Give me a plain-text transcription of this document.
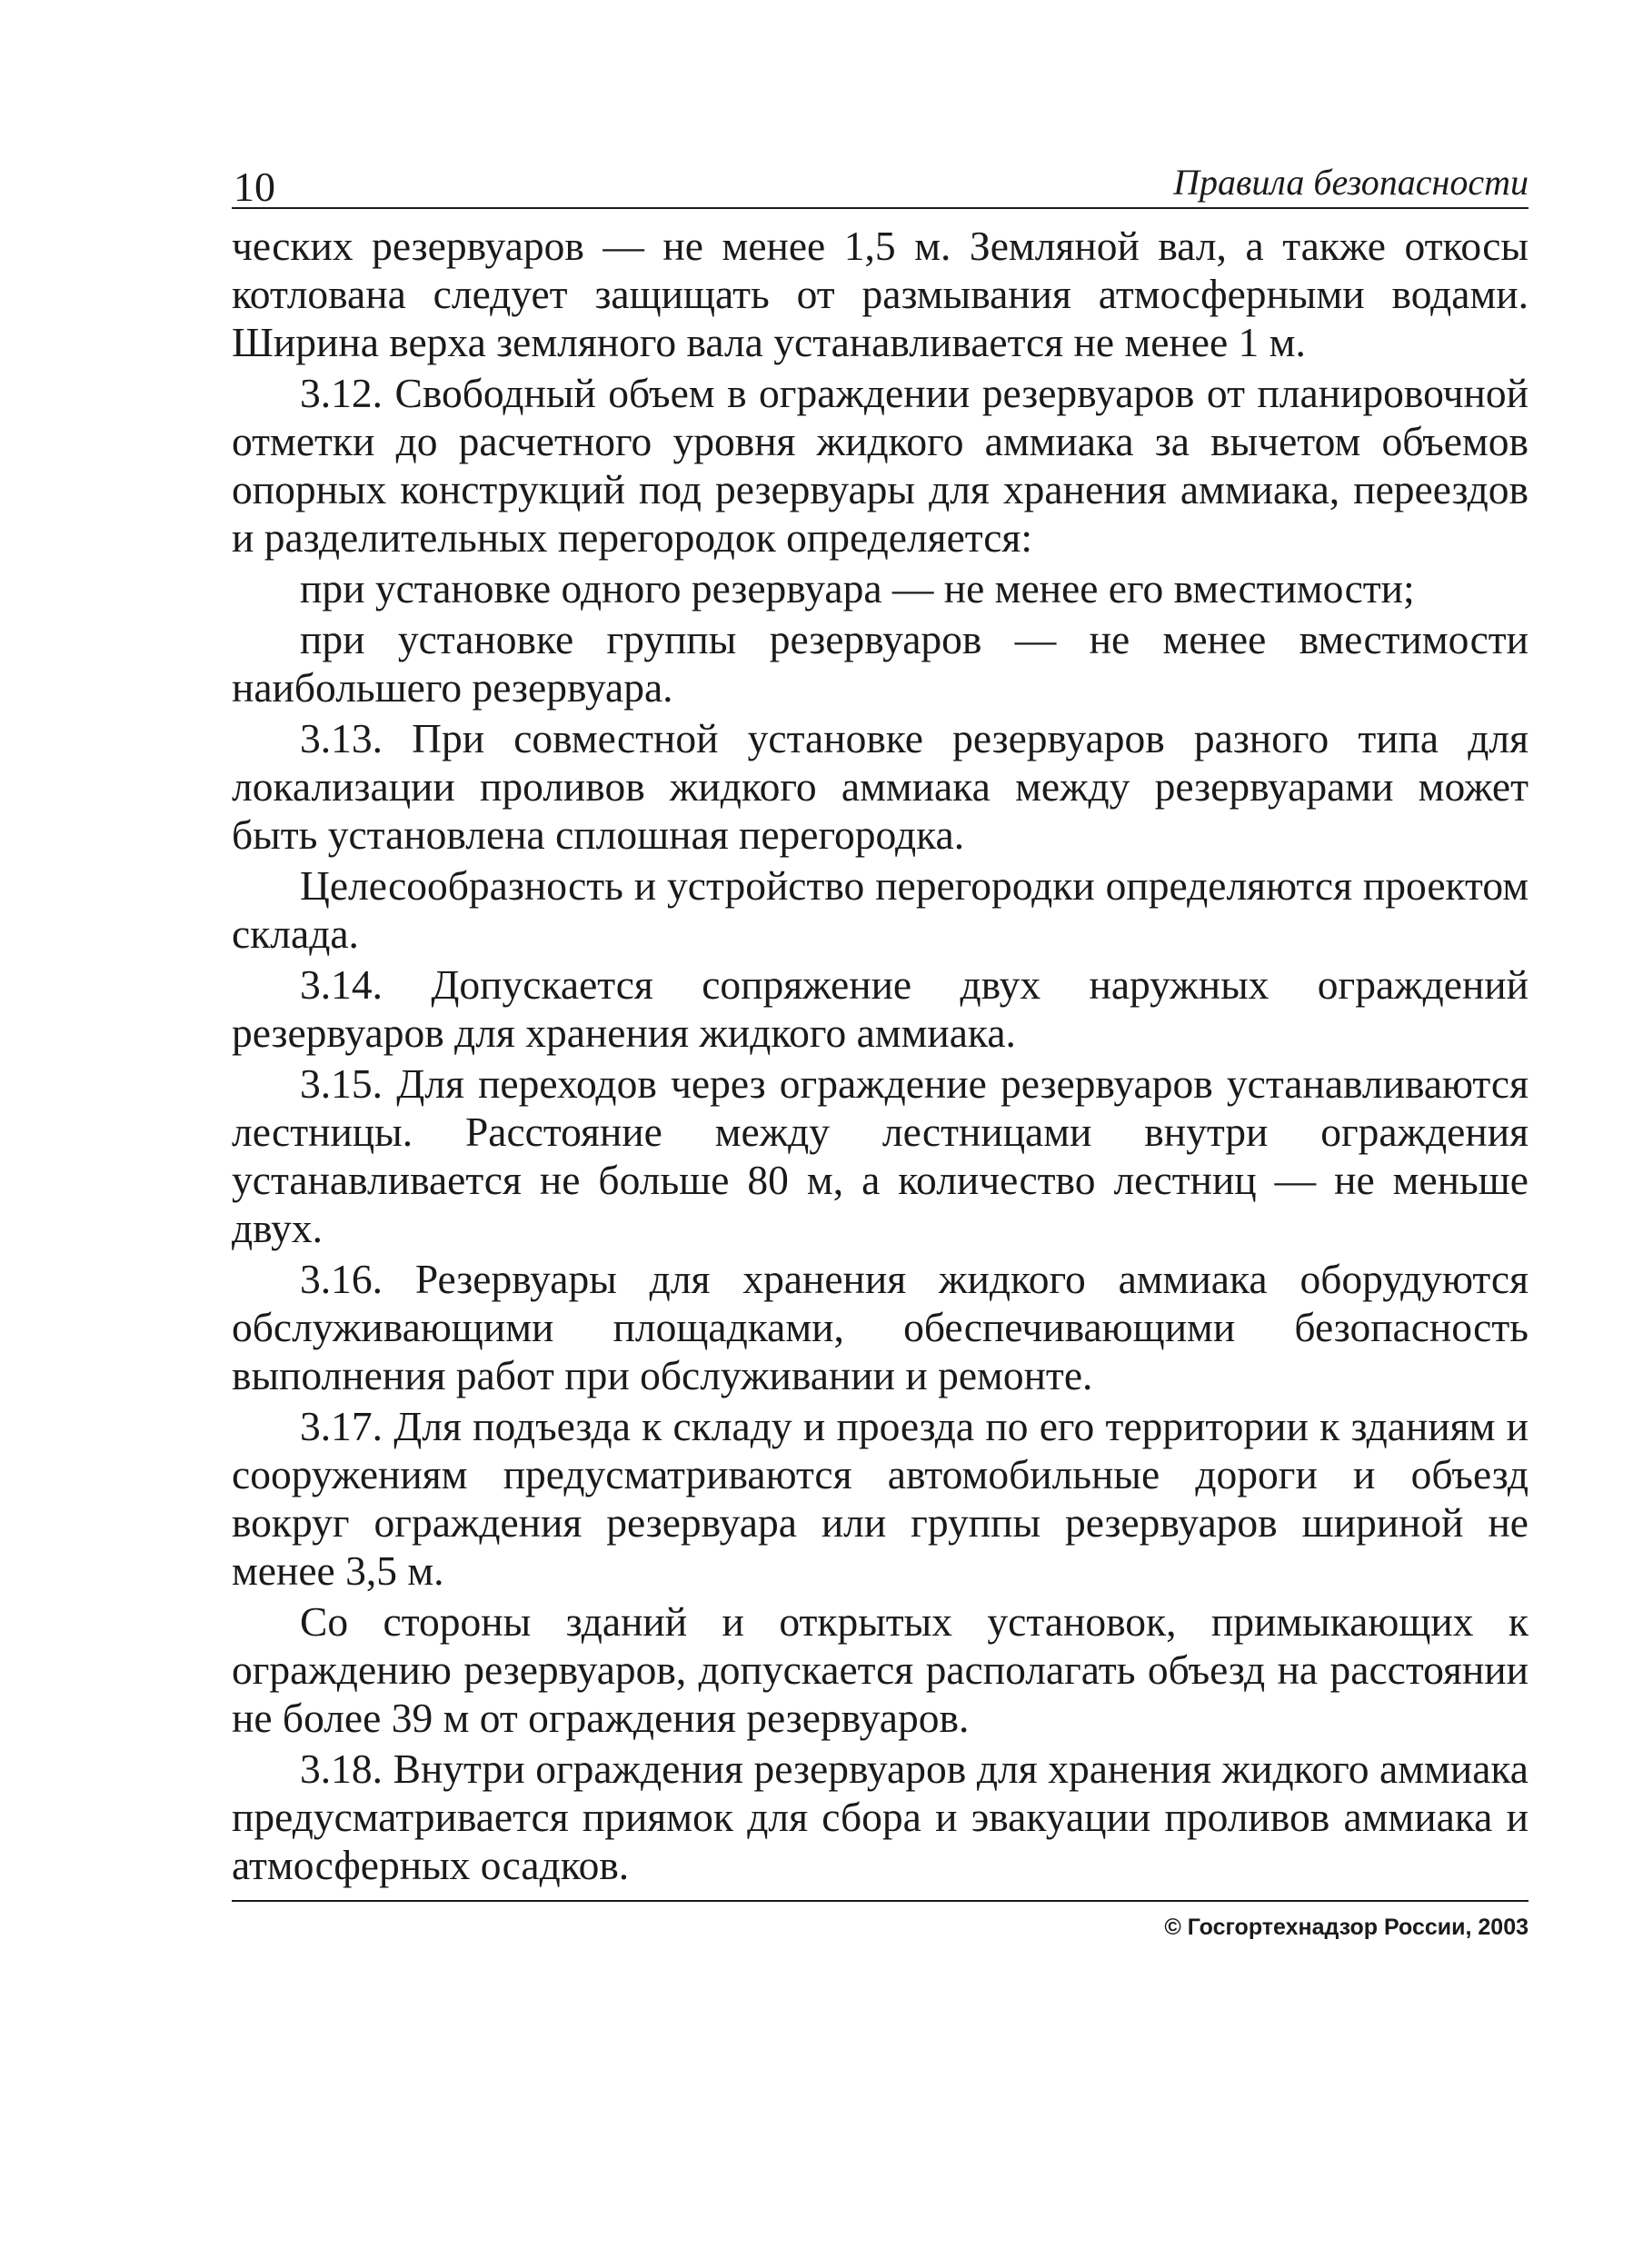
10	Правила безопасности

ческих резервуаров — не менее 1,5 м. Земляной вал, а также откосы котлована следует защищать от размывания атмосферными водами. Ширина верха земляного вала устанавливается не менее 1 м.

3.12. Свободный объем в ограждении резервуаров от планировочной отметки до расчетного уровня жидкого аммиака за вычетом объемов опорных конструкций под резервуары для хранения аммиака, переездов и разделительных перегородок определяется:

при установке одного резервуара — не менее его вместимости;

при установке группы резервуаров — не менее вместимости наибольшего резервуара.

3.13. При совместной установке резервуаров разного типа для локализации проливов жидкого аммиака между резервуарами может быть установлена сплошная перегородка.

Целесообразность и устройство перегородки определяются проектом склада.

3.14. Допускается сопряжение двух наружных ограждений резервуаров для хранения жидкого аммиака.

3.15. Для переходов через ограждение резервуаров устанавливаются лестницы. Расстояние между лестницами внутри ограждения устанавливается не больше 80 м, а количество лестниц — не меньше двух.

3.16. Резервуары для хранения жидкого аммиака оборудуются обслуживающими площадками, обеспечивающими безопасность выполнения работ при обслуживании и ремонте.

3.17. Для подъезда к складу и проезда по его территории к зданиям и сооружениям предусматриваются автомобильные дороги и объезд вокруг ограждения резервуара или группы резервуаров шириной не менее 3,5 м.

Со стороны зданий и открытых установок, примыкающих к ограждению резервуаров, допускается располагать объезд на расстоянии не более 39 м от ограждения резервуаров.

3.18. Внутри ограждения резервуаров для хранения жидкого аммиака предусматривается приямок для сбора и эвакуации проливов аммиака и атмосферных осадков.

© Госгортехнадзор России, 2003
